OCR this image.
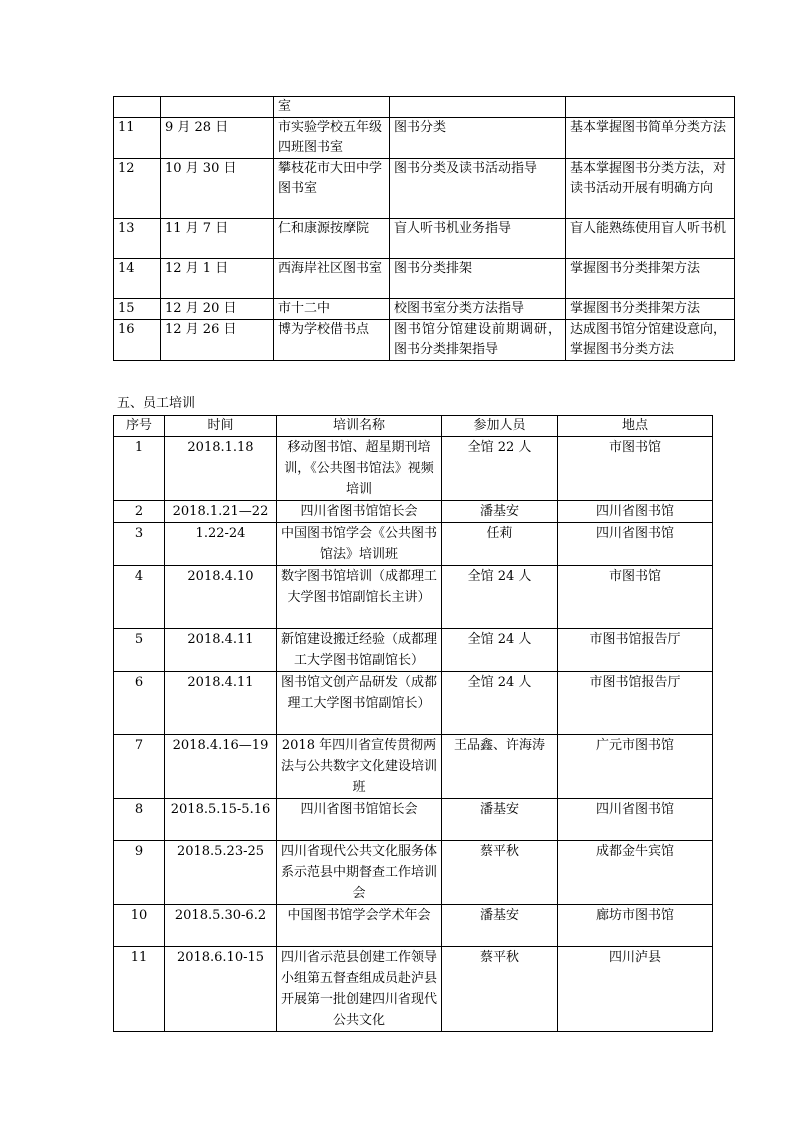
		室		
11	9 月 28 日	市实验学校五年级四班图书室	图书分类	基本掌握图书简单分类方法
12	10 月 30 日	攀枝花市大田中学图书室	图书分类及读书活动指导	基本掌握图书分类方法，对读书活动开展有明确方向
13	11 月 7 日	仁和康源按摩院	盲人听书机业务指导	盲人能熟练使用盲人听书机
14	12 月 1 日	西海岸社区图书室	图书分类排架	掌握图书分类排架方法
15	12 月 20 日	市十二中	校图书室分类方法指导	掌握图书分类排架方法
16	12 月 26 日	博为学校借书点	图书馆分馆建设前期调研，图书分类排架指导	达成图书馆分馆建设意向，掌握图书分类方法
五、员工培训
序号	时间	培训名称	参加人员	地点
1	2018.1.18	移动图书馆、超星期刊培训，《公共图书馆法》视频培训	全馆 22 人	市图书馆
2	2018.1.21—22	四川省图书馆馆长会	潘基安	四川省图书馆
3	1.22-24	中国图书馆学会《公共图书馆法》培训班	任莉	四川省图书馆
4	2018.4.10	数字图书馆培训（成都理工大学图书馆副馆长主讲）	全馆 24 人	市图书馆
5	2018.4.11	新馆建设搬迁经验（成都理工大学图书馆副馆长）	全馆 24 人	市图书馆报告厅
6	2018.4.11	图书馆文创产品研发（成都理工大学图书馆副馆长）	全馆 24 人	市图书馆报告厅
7	2018.4.16—19	2018 年四川省宣传贯彻两法与公共数字文化建设培训班	王品鑫、许海涛	广元市图书馆
8	2018.5.15-5.16	四川省图书馆馆长会	潘基安	四川省图书馆
9	2018.5.23-25	四川省现代公共文化服务体系示范县中期督查工作培训会	蔡平秋	成都金牛宾馆
10	2018.5.30-6.2	中国图书馆学会学术年会	潘基安	廊坊市图书馆
11	2018.6.10-15	四川省示范县创建工作领导小组第五督查组成员赴泸县开展第一批创建四川省现代公共文化	蔡平秋	四川泸县
